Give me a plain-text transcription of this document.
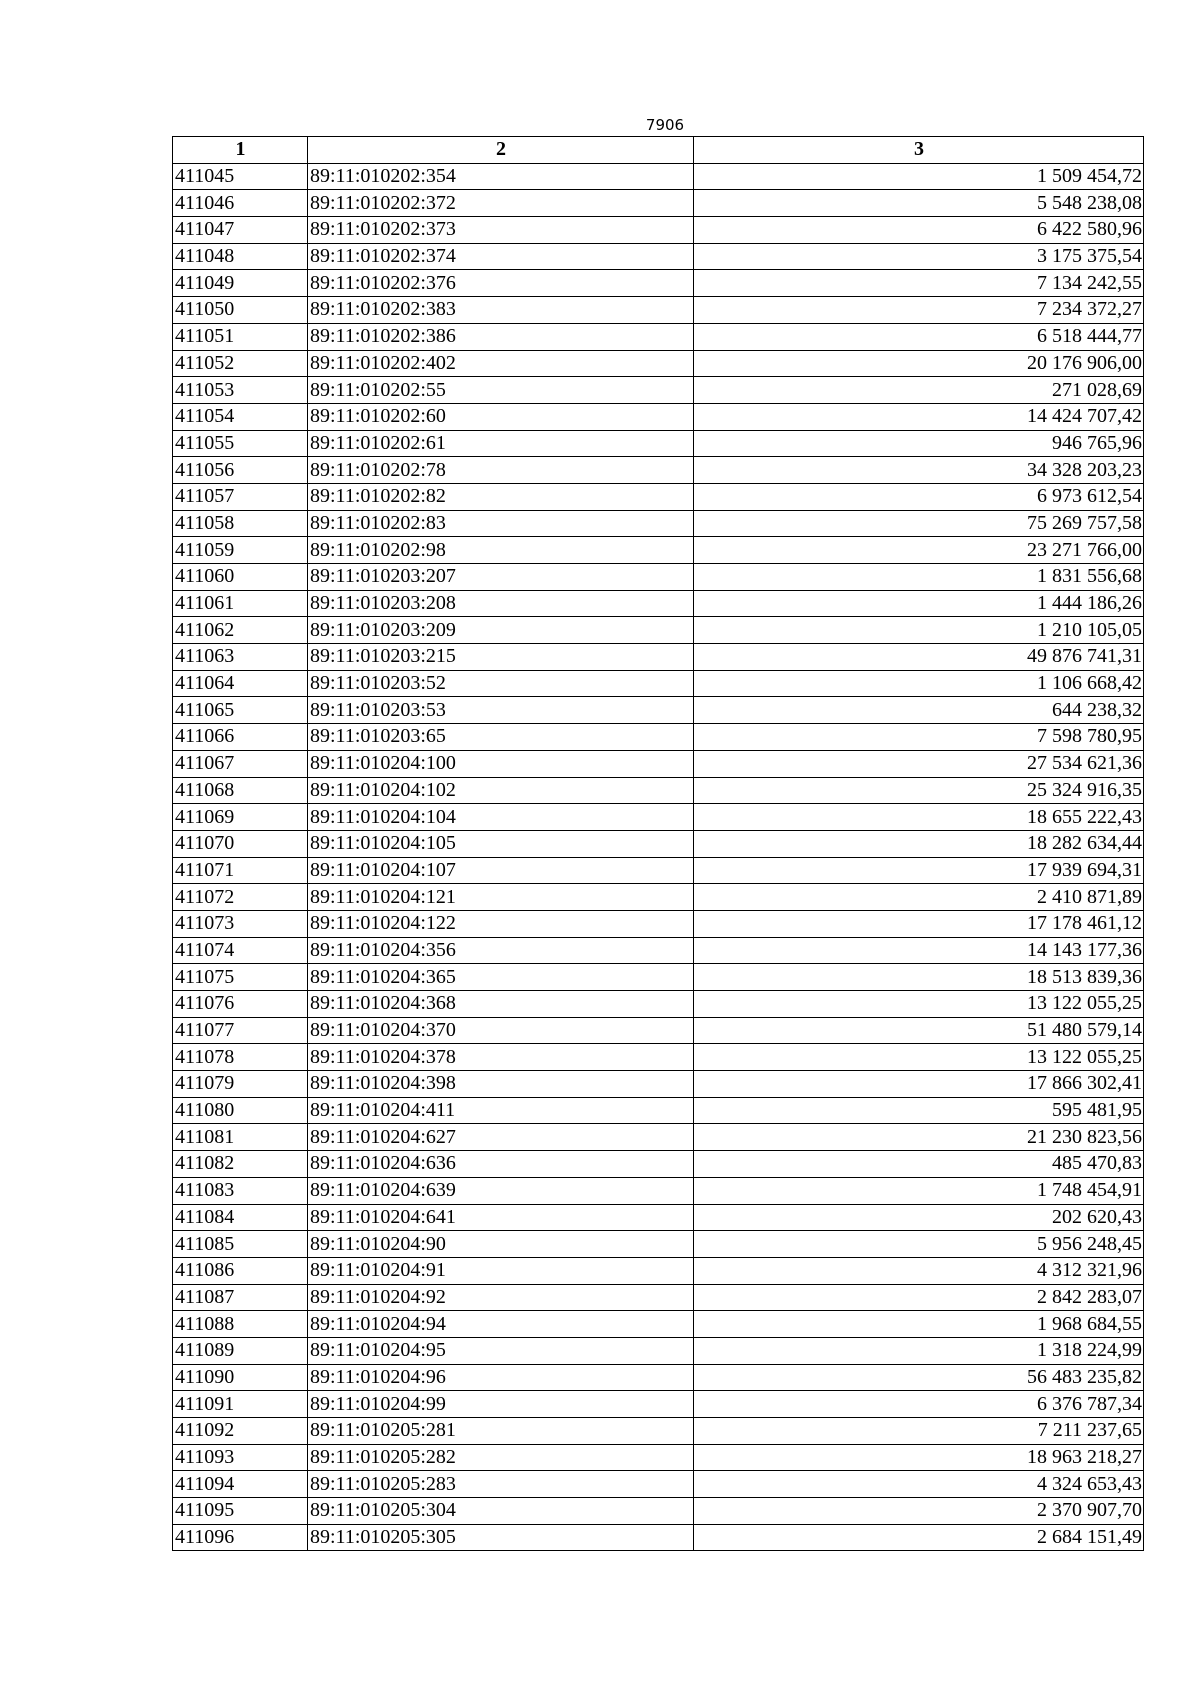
7906
1	2	3
411045	89:11:010202:354	1 509 454,72
411046	89:11:010202:372	5 548 238,08
411047	89:11:010202:373	6 422 580,96
411048	89:11:010202:374	3 175 375,54
411049	89:11:010202:376	7 134 242,55
411050	89:11:010202:383	7 234 372,27
411051	89:11:010202:386	6 518 444,77
411052	89:11:010202:402	20 176 906,00
411053	89:11:010202:55	271 028,69
411054	89:11:010202:60	14 424 707,42
411055	89:11:010202:61	946 765,96
411056	89:11:010202:78	34 328 203,23
411057	89:11:010202:82	6 973 612,54
411058	89:11:010202:83	75 269 757,58
411059	89:11:010202:98	23 271 766,00
411060	89:11:010203:207	1 831 556,68
411061	89:11:010203:208	1 444 186,26
411062	89:11:010203:209	1 210 105,05
411063	89:11:010203:215	49 876 741,31
411064	89:11:010203:52	1 106 668,42
411065	89:11:010203:53	644 238,32
411066	89:11:010203:65	7 598 780,95
411067	89:11:010204:100	27 534 621,36
411068	89:11:010204:102	25 324 916,35
411069	89:11:010204:104	18 655 222,43
411070	89:11:010204:105	18 282 634,44
411071	89:11:010204:107	17 939 694,31
411072	89:11:010204:121	2 410 871,89
411073	89:11:010204:122	17 178 461,12
411074	89:11:010204:356	14 143 177,36
411075	89:11:010204:365	18 513 839,36
411076	89:11:010204:368	13 122 055,25
411077	89:11:010204:370	51 480 579,14
411078	89:11:010204:378	13 122 055,25
411079	89:11:010204:398	17 866 302,41
411080	89:11:010204:411	595 481,95
411081	89:11:010204:627	21 230 823,56
411082	89:11:010204:636	485 470,83
411083	89:11:010204:639	1 748 454,91
411084	89:11:010204:641	202 620,43
411085	89:11:010204:90	5 956 248,45
411086	89:11:010204:91	4 312 321,96
411087	89:11:010204:92	2 842 283,07
411088	89:11:010204:94	1 968 684,55
411089	89:11:010204:95	1 318 224,99
411090	89:11:010204:96	56 483 235,82
411091	89:11:010204:99	6 376 787,34
411092	89:11:010205:281	7 211 237,65
411093	89:11:010205:282	18 963 218,27
411094	89:11:010205:283	4 324 653,43
411095	89:11:010205:304	2 370 907,70
411096	89:11:010205:305	2 684 151,49
